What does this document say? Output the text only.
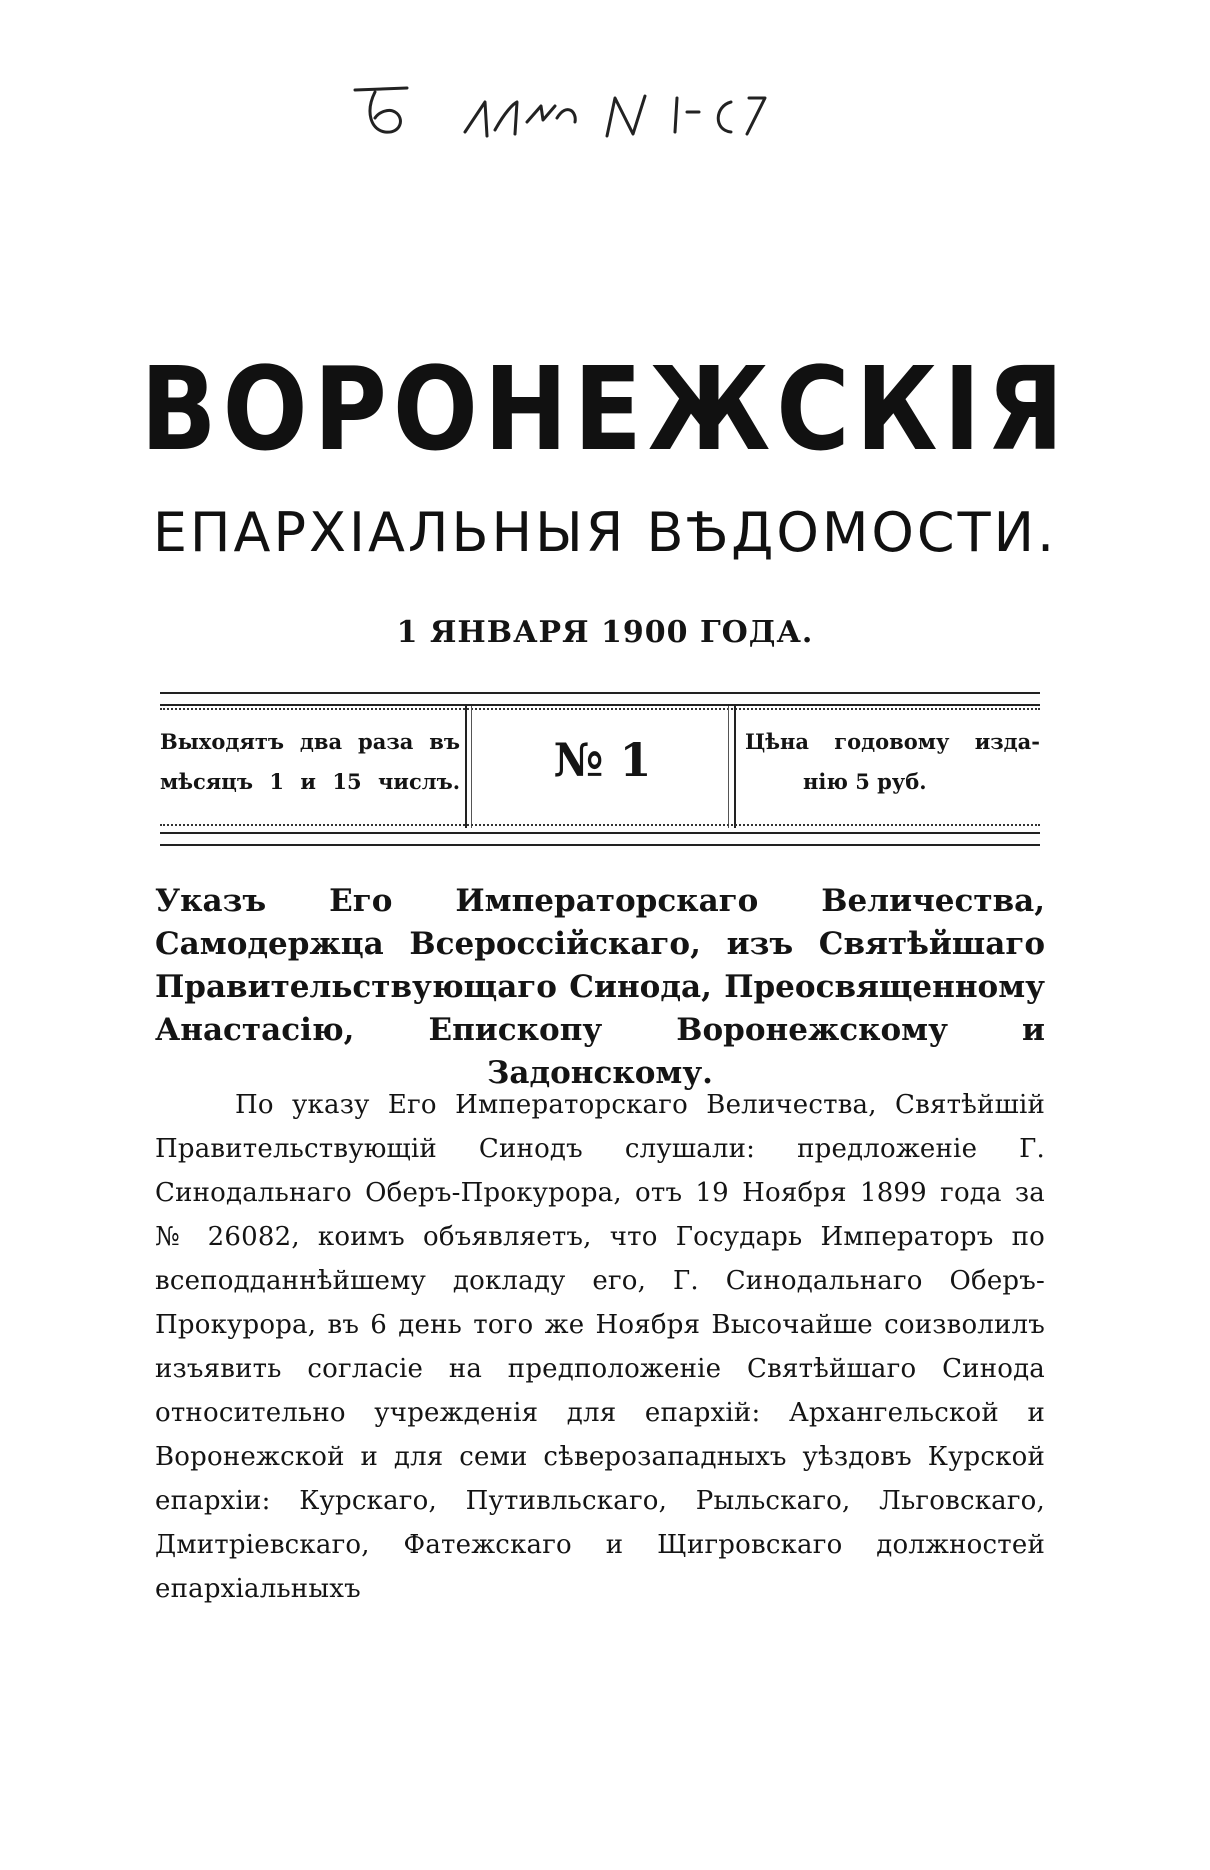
ВОРОНЕЖСКІЯ
ЕПАРХІАЛЬНЫЯ ВѢДОМОСТИ.
1 ЯНВАРЯ 1900 ГОДА.
Выходятъ два раза въ мѣсяцъ 1 и 15 числъ.	№ 1	Цѣна годовому изда-
нію 5 руб.
Указъ Его Императорскаго Величества, Самодержца Всероссійскаго, изъ Святѣйшаго Правительствующаго Синода, Преосвященному Анастасію, Епископу Воронежскому и Задонскому.
По указу Его Императорскаго Величества, Святѣйшій Правительствующій Синодъ слушали: предложеніе Г. Синодальнаго Оберъ-Прокурора, отъ 19 Ноября 1899 года за № 26082, коимъ объявляетъ, что Государь Императоръ по всеподданнѣйшему докладу его, Г. Синодальнаго Оберъ-Прокурора, въ 6 день того же Ноября Высочайше соизволилъ изъявить согласіе на предположеніе Святѣйшаго Синода относительно учрежденія для епархій: Архангельской и Воронежской и для семи сѣверозападныхъ уѣздовъ Курской епархіи: Курскаго, Путивльскаго, Рыльскаго, Льговскаго, Дмитріевскаго, Фатежскаго и Щигровскаго должностей епархіальныхъ
